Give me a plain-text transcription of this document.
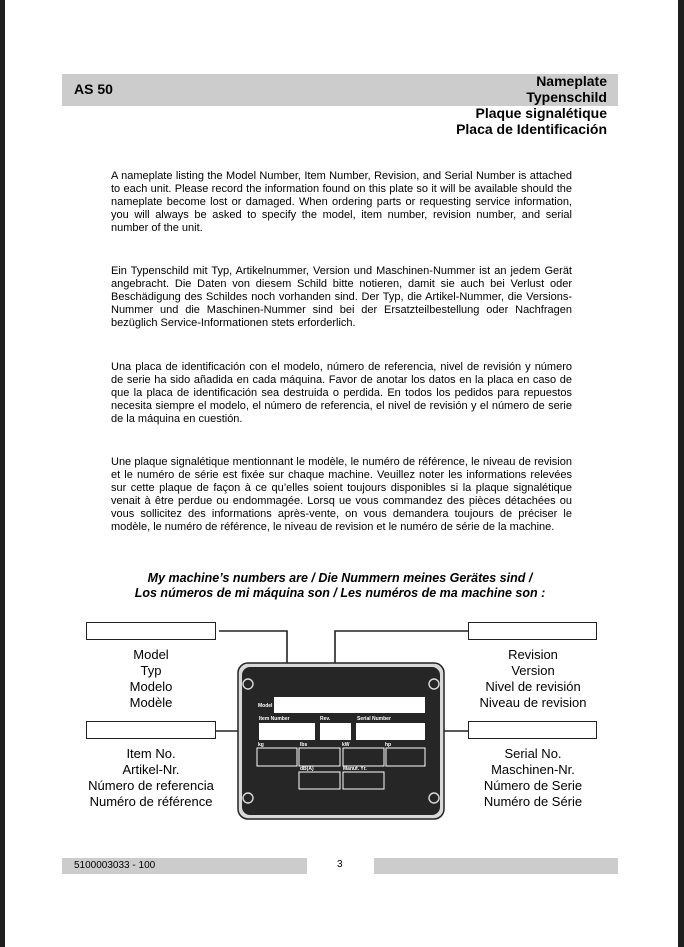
AS 50	Nameplate
Typenschild
Plaque signalétique
Placa de Identificación

A nameplate listing the Model Number, Item Number, Revision, and Serial Number is attached to each unit. Please record the information found on this plate so it will be available should the nameplate become lost or damaged. When ordering parts or requesting service information, you will always be asked to specify the model, item number, revision number, and serial number of the unit.

Ein Typenschild mit Typ, Artikelnummer, Version und Maschinen-Nummer ist an jedem Gerät angebracht. Die Daten von diesem Schild bitte notieren, damit sie auch bei Verlust oder Beschädigung des Schildes noch vorhanden sind. Der Typ, die Artikel-Nummer, die Versions- Nummer und die Maschinen-Nummer sind bei der Ersatzteilbestellung oder Nachfragen bezüglich Service-Informationen stets erforderlich.

Una placa de identificación con el modelo, número de referencia, nivel de revisión y número de serie ha sido añadida en cada máquina. Favor de anotar los datos en la placa en caso de que la placa de identificación sea destruida o perdida. En todos los pedidos para repuestos necesita siempre el modelo, el número de referencia, el nivel de revisión y el número de serie de la máquina en cuestión.

Une plaque signalétique mentionnant le modèle, le numéro de référence, le niveau de revision et le numéro de série est fixée sur chaque machine. Veuillez noter les informations relevées sur cette plaque de façon à ce qu’elles soient toujours disponibles si la plaque signalétique venait à être perdue ou endommagée. Lorsq ue vous commandez des pièces détachées ou vous sollicitez des informations après-vente, on vous demandera toujours de préciser le modèle, le numéro de référence, le niveau de revision et le numéro de série de la machine.

My machine’s numbers are / Die Nummern meines Gerätes sind /
Los números de mi máquina son / Les numéros de ma machine son :
Model
Typ
Modelo
Modèle
Revision
Version
Nivel de revisión
Niveau de revision
Item No.
Artikel-Nr.
Número de referencia
Numéro de référence
Serial No.
Maschinen-Nr.
Número de Serie
Numéro de Série
Model
Item Number	Rev.	Serial Number
kg	lbs	kW	hp
dB(A)	Manuf. Yr.
5100003033 - 100	3
